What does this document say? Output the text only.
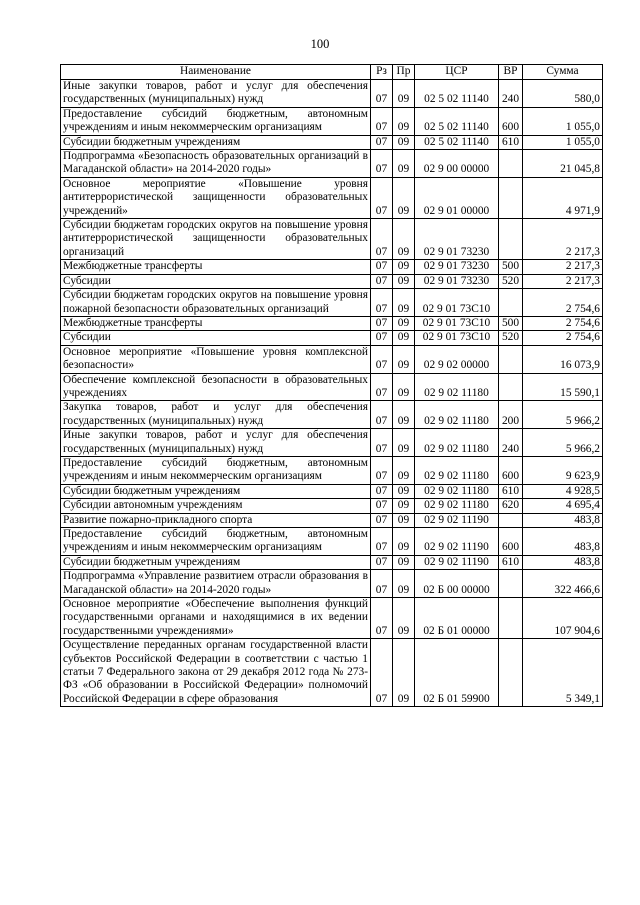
100
Наименование	Рз	Пр	ЦСР	ВР	Сумма
Иные закупки товаров, работ и услуг для обеспечения государственных (муниципальных) нужд	07	09	02 5 02 11140	240	580,0
Предоставление субсидий бюджетным, автономным учреждениям и иным некоммерческим организациям	07	09	02 5 02 11140	600	1 055,0
Субсидии бюджетным учреждениям	07	09	02 5 02 11140	610	1 055,0
Подпрограмма «Безопасность образовательных организаций в Магаданской области» на 2014-2020 годы»	07	09	02 9 00 00000		21 045,8
Основное мероприятие «Повышение уровня антитеррористической защищенности образовательных учреждений»	07	09	02 9 01 00000		4 971,9
Субсидии бюджетам городских округов на повышение уровня антитеррористической защищенности образовательных организаций	07	09	02 9 01 73230		2 217,3
Межбюджетные трансферты	07	09	02 9 01 73230	500	2 217,3
Субсидии	07	09	02 9 01 73230	520	2 217,3
Субсидии бюджетам городских округов на повышение уровня пожарной безопасности образовательных организаций	07	09	02 9 01 73С10		2 754,6
Межбюджетные трансферты	07	09	02 9 01 73С10	500	2 754,6
Субсидии	07	09	02 9 01 73С10	520	2 754,6
Основное мероприятие «Повышение уровня комплексной безопасности»	07	09	02 9 02 00000		16 073,9
Обеспечение комплексной безопасности в образовательных учреждениях	07	09	02 9 02 11180		15 590,1
Закупка товаров, работ и услуг для обеспечения государственных (муниципальных) нужд	07	09	02 9 02 11180	200	5 966,2
Иные закупки товаров, работ и услуг для обеспечения государственных (муниципальных) нужд	07	09	02 9 02 11180	240	5 966,2
Предоставление субсидий бюджетным, автономным учреждениям и иным некоммерческим организациям	07	09	02 9 02 11180	600	9 623,9
Субсидии бюджетным учреждениям	07	09	02 9 02 11180	610	4 928,5
Субсидии автономным учреждениям	07	09	02 9 02 11180	620	4 695,4
Развитие пожарно-прикладного спорта	07	09	02 9 02 11190		483,8
Предоставление субсидий бюджетным, автономным учреждениям и иным некоммерческим организациям	07	09	02 9 02 11190	600	483,8
Субсидии бюджетным учреждениям	07	09	02 9 02 11190	610	483,8
Подпрограмма «Управление развитием отрасли образования в Магаданской области» на 2014-2020 годы»	07	09	02 Б 00 00000		322 466,6
Основное мероприятие «Обеспечение выполнения функций государственными органами и находящимися в их ведении государственными учреждениями»	07	09	02 Б 01 00000		107 904,6
Осуществление переданных органам государственной власти субъектов Российской Федерации в соответствии с частью 1 статьи 7 Федерального закона от 29 декабря 2012 года № 273-ФЗ «Об образовании в Российской Федерации» полномочий Российской Федерации в сфере образования	07	09	02 Б 01 59900		5 349,1
